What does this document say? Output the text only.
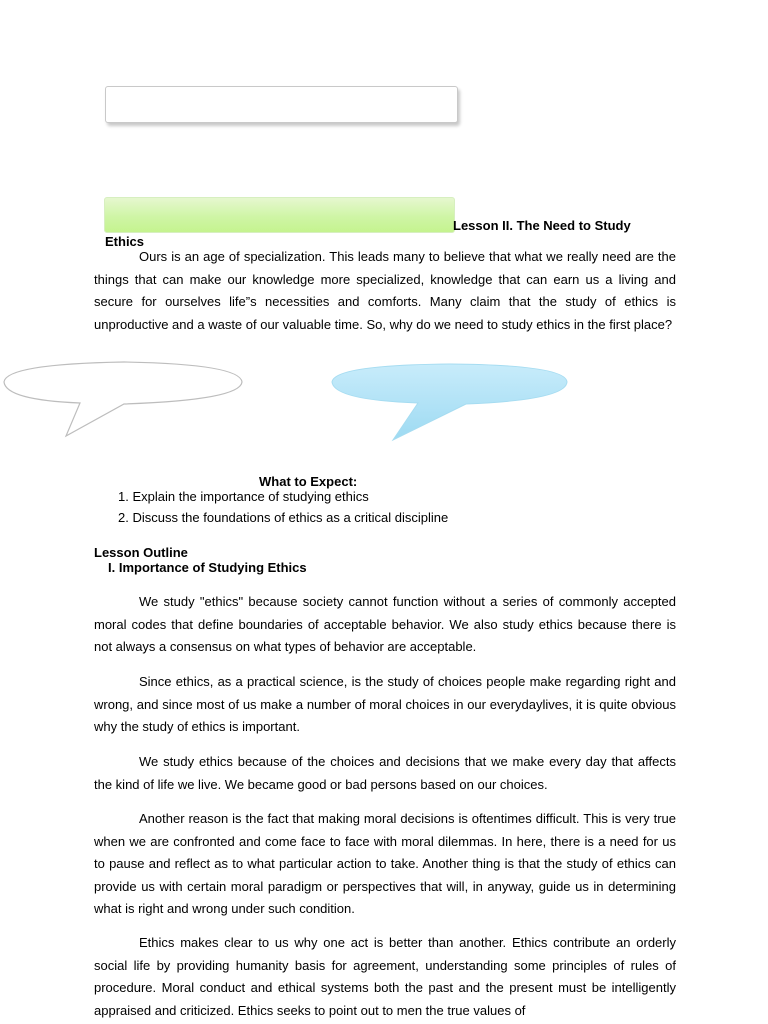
Lesson II. The Need to Study
Ethics

Ours is an age of specialization. This leads many to believe that what we really need are the things that can make our knowledge more specialized, knowledge that can earn us a living and secure for ourselves life”s necessities and comforts. Many claim that the study of ethics is unproductive and a waste of our valuable time. So, why do we need to study ethics in the first place?

What to Expect:
1. Explain the importance of studying ethics
2. Discuss the foundations of ethics as a critical discipline
Lesson Outline
I. Importance of Studying Ethics

We study "ethics" because society cannot function without a series of commonly accepted moral codes that define boundaries of acceptable behavior. We also study ethics because there is not always a consensus on what types of behavior are acceptable.

Since ethics, as a practical science, is the study of choices people make regarding right and wrong, and since most of us make a number of moral choices in our everydaylives, it is quite obvious why the study of ethics is important.

We study ethics because of the choices and decisions that we make every day that affects the kind of life we live. We became good or bad persons based on our choices.

Another reason is the fact that making moral decisions is oftentimes difficult. This is very true when we are confronted and come face to face with moral dilemmas. In here, there is a need for us to pause and reflect as to what particular action to take. Another thing is that the study of ethics can provide us with certain moral paradigm or perspectives that will, in anyway, guide us in determining what is right and wrong under such condition.

Ethics makes clear to us why one act is better than another. Ethics contribute an orderly social life by providing humanity basis for agreement, understanding some principles of rules of procedure. Moral conduct and ethical systems both the past and the present must be intelligently appraised and criticized. Ethics seeks to point out to men the true values of
